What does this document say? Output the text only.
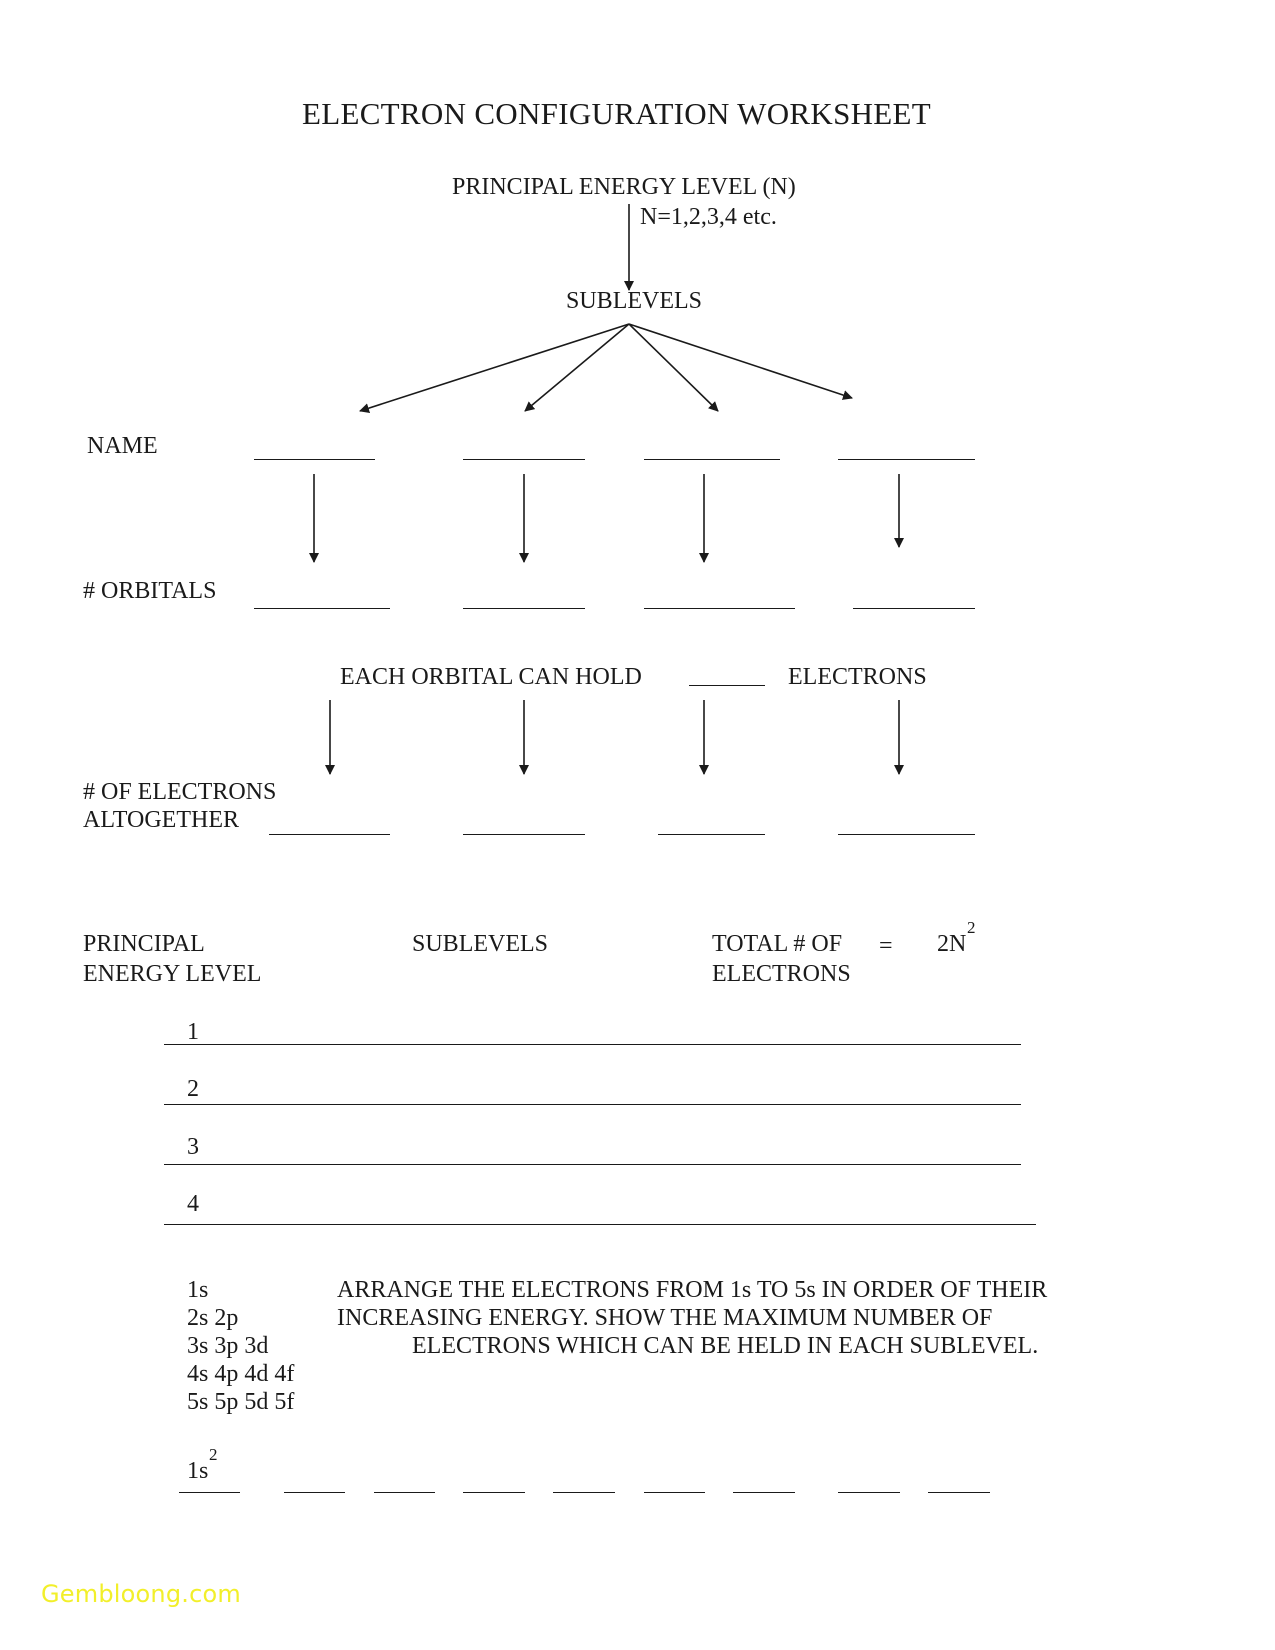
ELECTRON CONFIGURATION WORKSHEET
PRINCIPAL ENERGY LEVEL (N)
N=1,2,3,4 etc.
SUBLEVELS
NAME
# ORBITALS
EACH ORBITAL CAN HOLD	ELECTRONS
# OF ELECTRONS
ALTOGETHER
PRINCIPAL
ENERGY LEVEL
SUBLEVELS	TOTAL # OF
ELECTRONS
= 2N
2
1
2
3
4
1s
2s 2p
3s 3p 3d
4s 4p 4d 4f
5s 5p 5d 5f
ARRANGE THE ELECTRONS FROM 1s TO 5s IN ORDER OF THEIR
INCREASING ENERGY. SHOW THE MAXIMUM NUMBER OF
ELECTRONS WHICH CAN BE HELD IN EACH SUBLEVEL.
1s
2
Gembloong.com
